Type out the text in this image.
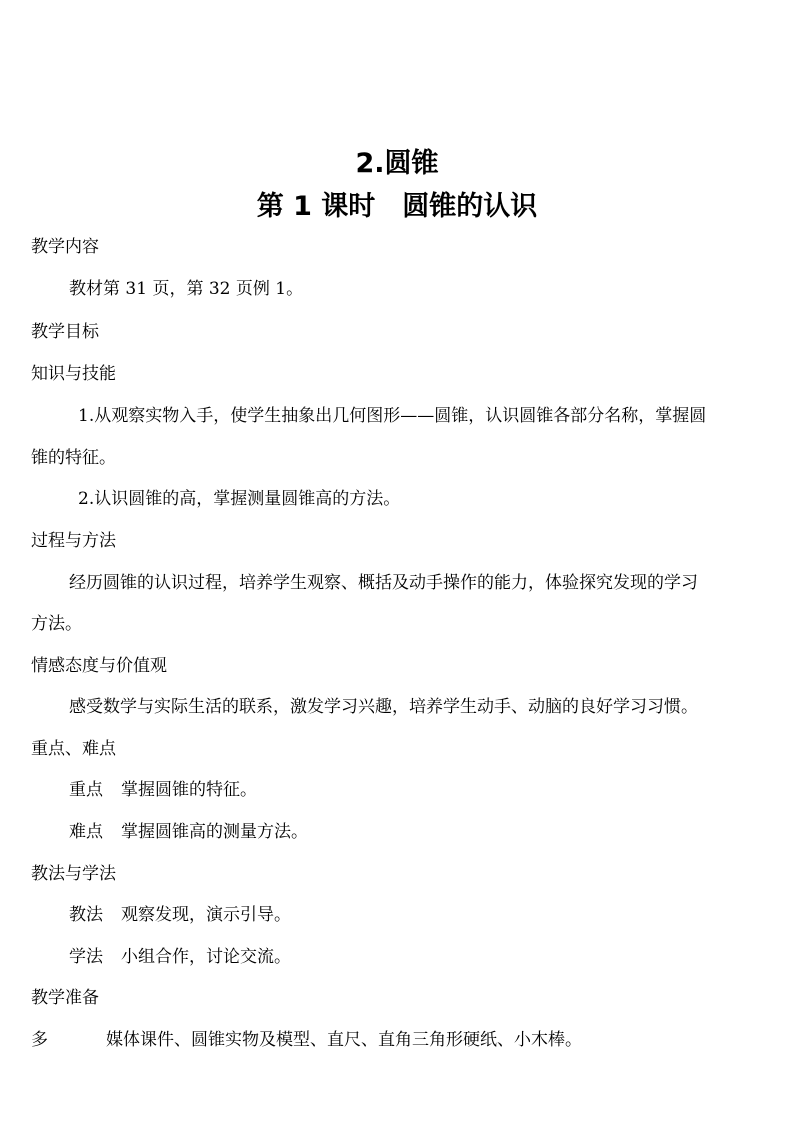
2.圆锥
第 1 课时　圆锥的认识
教学内容
教材第 31 页，第 32 页例 1。
教学目标
知识与技能
1.从观察实物入手，使学生抽象出几何图形——圆锥，认识圆锥各部分名称，掌握圆
锥的特征。
2.认识圆锥的高，掌握测量圆锥高的方法。
过程与方法
经历圆锥的认识过程，培养学生观察、概括及动手操作的能力，体验探究发现的学习
方法。
情感态度与价值观
感受数学与实际生活的联系，激发学习兴趣，培养学生动手、动脑的良好学习习惯。
重点、难点
重点 掌握圆锥的特征。
难点 掌握圆锥高的测量方法。
教法与学法
教法 观察发现，演示引导。
学法 小组合作，讨论交流。
教学准备
多	媒体课件、圆锥实物及模型、直尺、直角三角形硬纸、小木棒。
